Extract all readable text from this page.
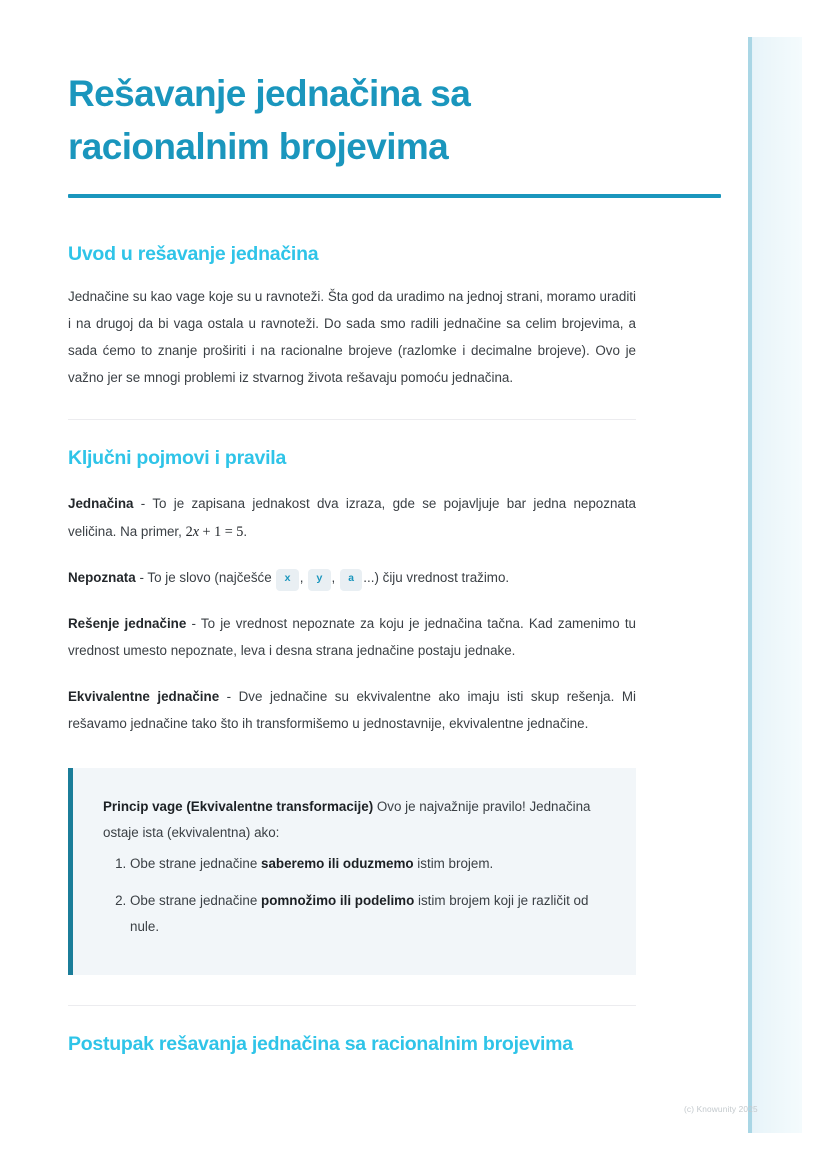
Rešavanje jednačina sa racionalnim brojevima
Uvod u rešavanje jednačina

Jednačine su kao vage koje su u ravnoteži. Šta god da uradimo na jednoj strani, moramo uraditi i na drugoj da bi vaga ostala u ravnoteži. Do sada smo radili jednačine sa celim brojevima, a sada ćemo to znanje proširiti i na racionalne brojeve (razlomke i decimalne brojeve). Ovo je važno jer se mnogi problemi iz stvarnog života rešavaju pomoću jednačina.

Ključni pojmovi i pravila

Jednačina - To je zapisana jednakost dva izraza, gde se pojavljuje bar jedna nepoznata veličina. Na primer, 2x + 1 = 5.

Nepoznata - To je slovo (najčešće x , y , a ...) čiju vrednost tražimo.

Rešenje jednačine - To je vrednost nepoznate za koju je jednačina tačna. Kad zamenimo tu vrednost umesto nepoznate, leva i desna strana jednačine postaju jednake.

Ekvivalentne jednačine - Dve jednačine su ekvivalentne ako imaju isti skup rešenja. Mi rešavamo jednačine tako što ih transformišemo u jednostavnije, ekvivalentne jednačine.

Princip vage (Ekvivalentne transformacije) Ovo je najvažnije pravilo! Jednačina ostaje ista (ekvivalentna) ako:

1. Obe strane jednačine saberemo ili oduzmemo istim brojem.
2. Obe strane jednačine pomnožimo ili podelimo istim brojem koji je različit od nule.
Postupak rešavanja jednačina sa racionalnim brojevima
(c) Knowunity 2025
